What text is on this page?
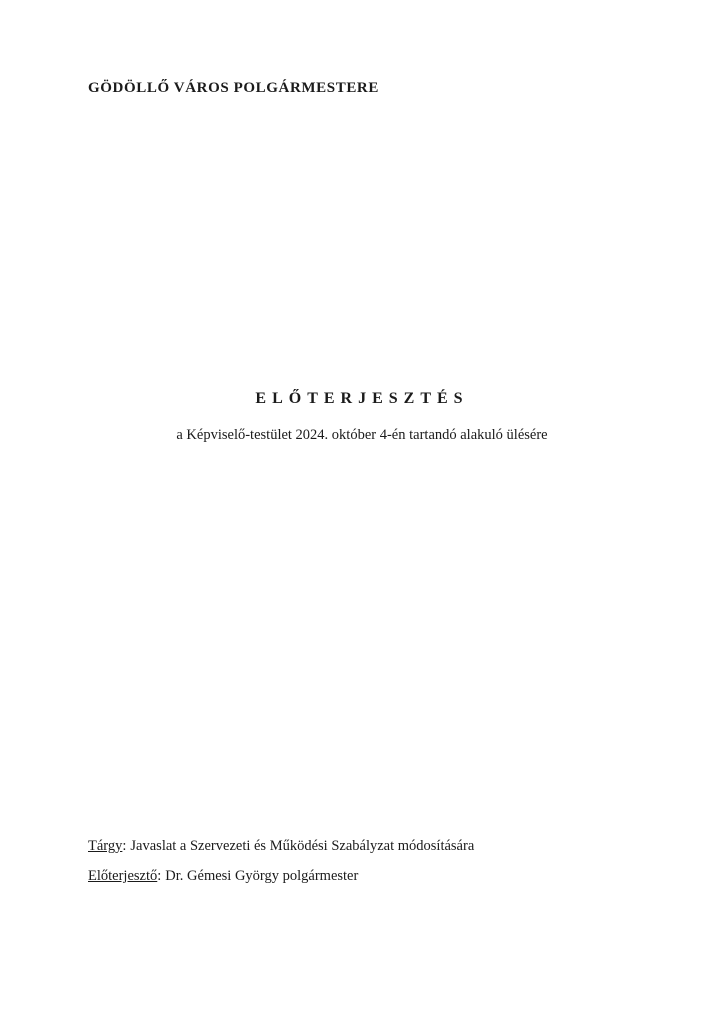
GÖDÖLLŐ VÁROS POLGÁRMESTERE
ELŐTERJESZTÉS
a Képviselő-testület 2024. október 4-én tartandó alakuló ülésére
Tárgy: Javaslat a Szervezeti és Működési Szabályzat módosítására
Előterjesztő: Dr. Gémesi György polgármester
